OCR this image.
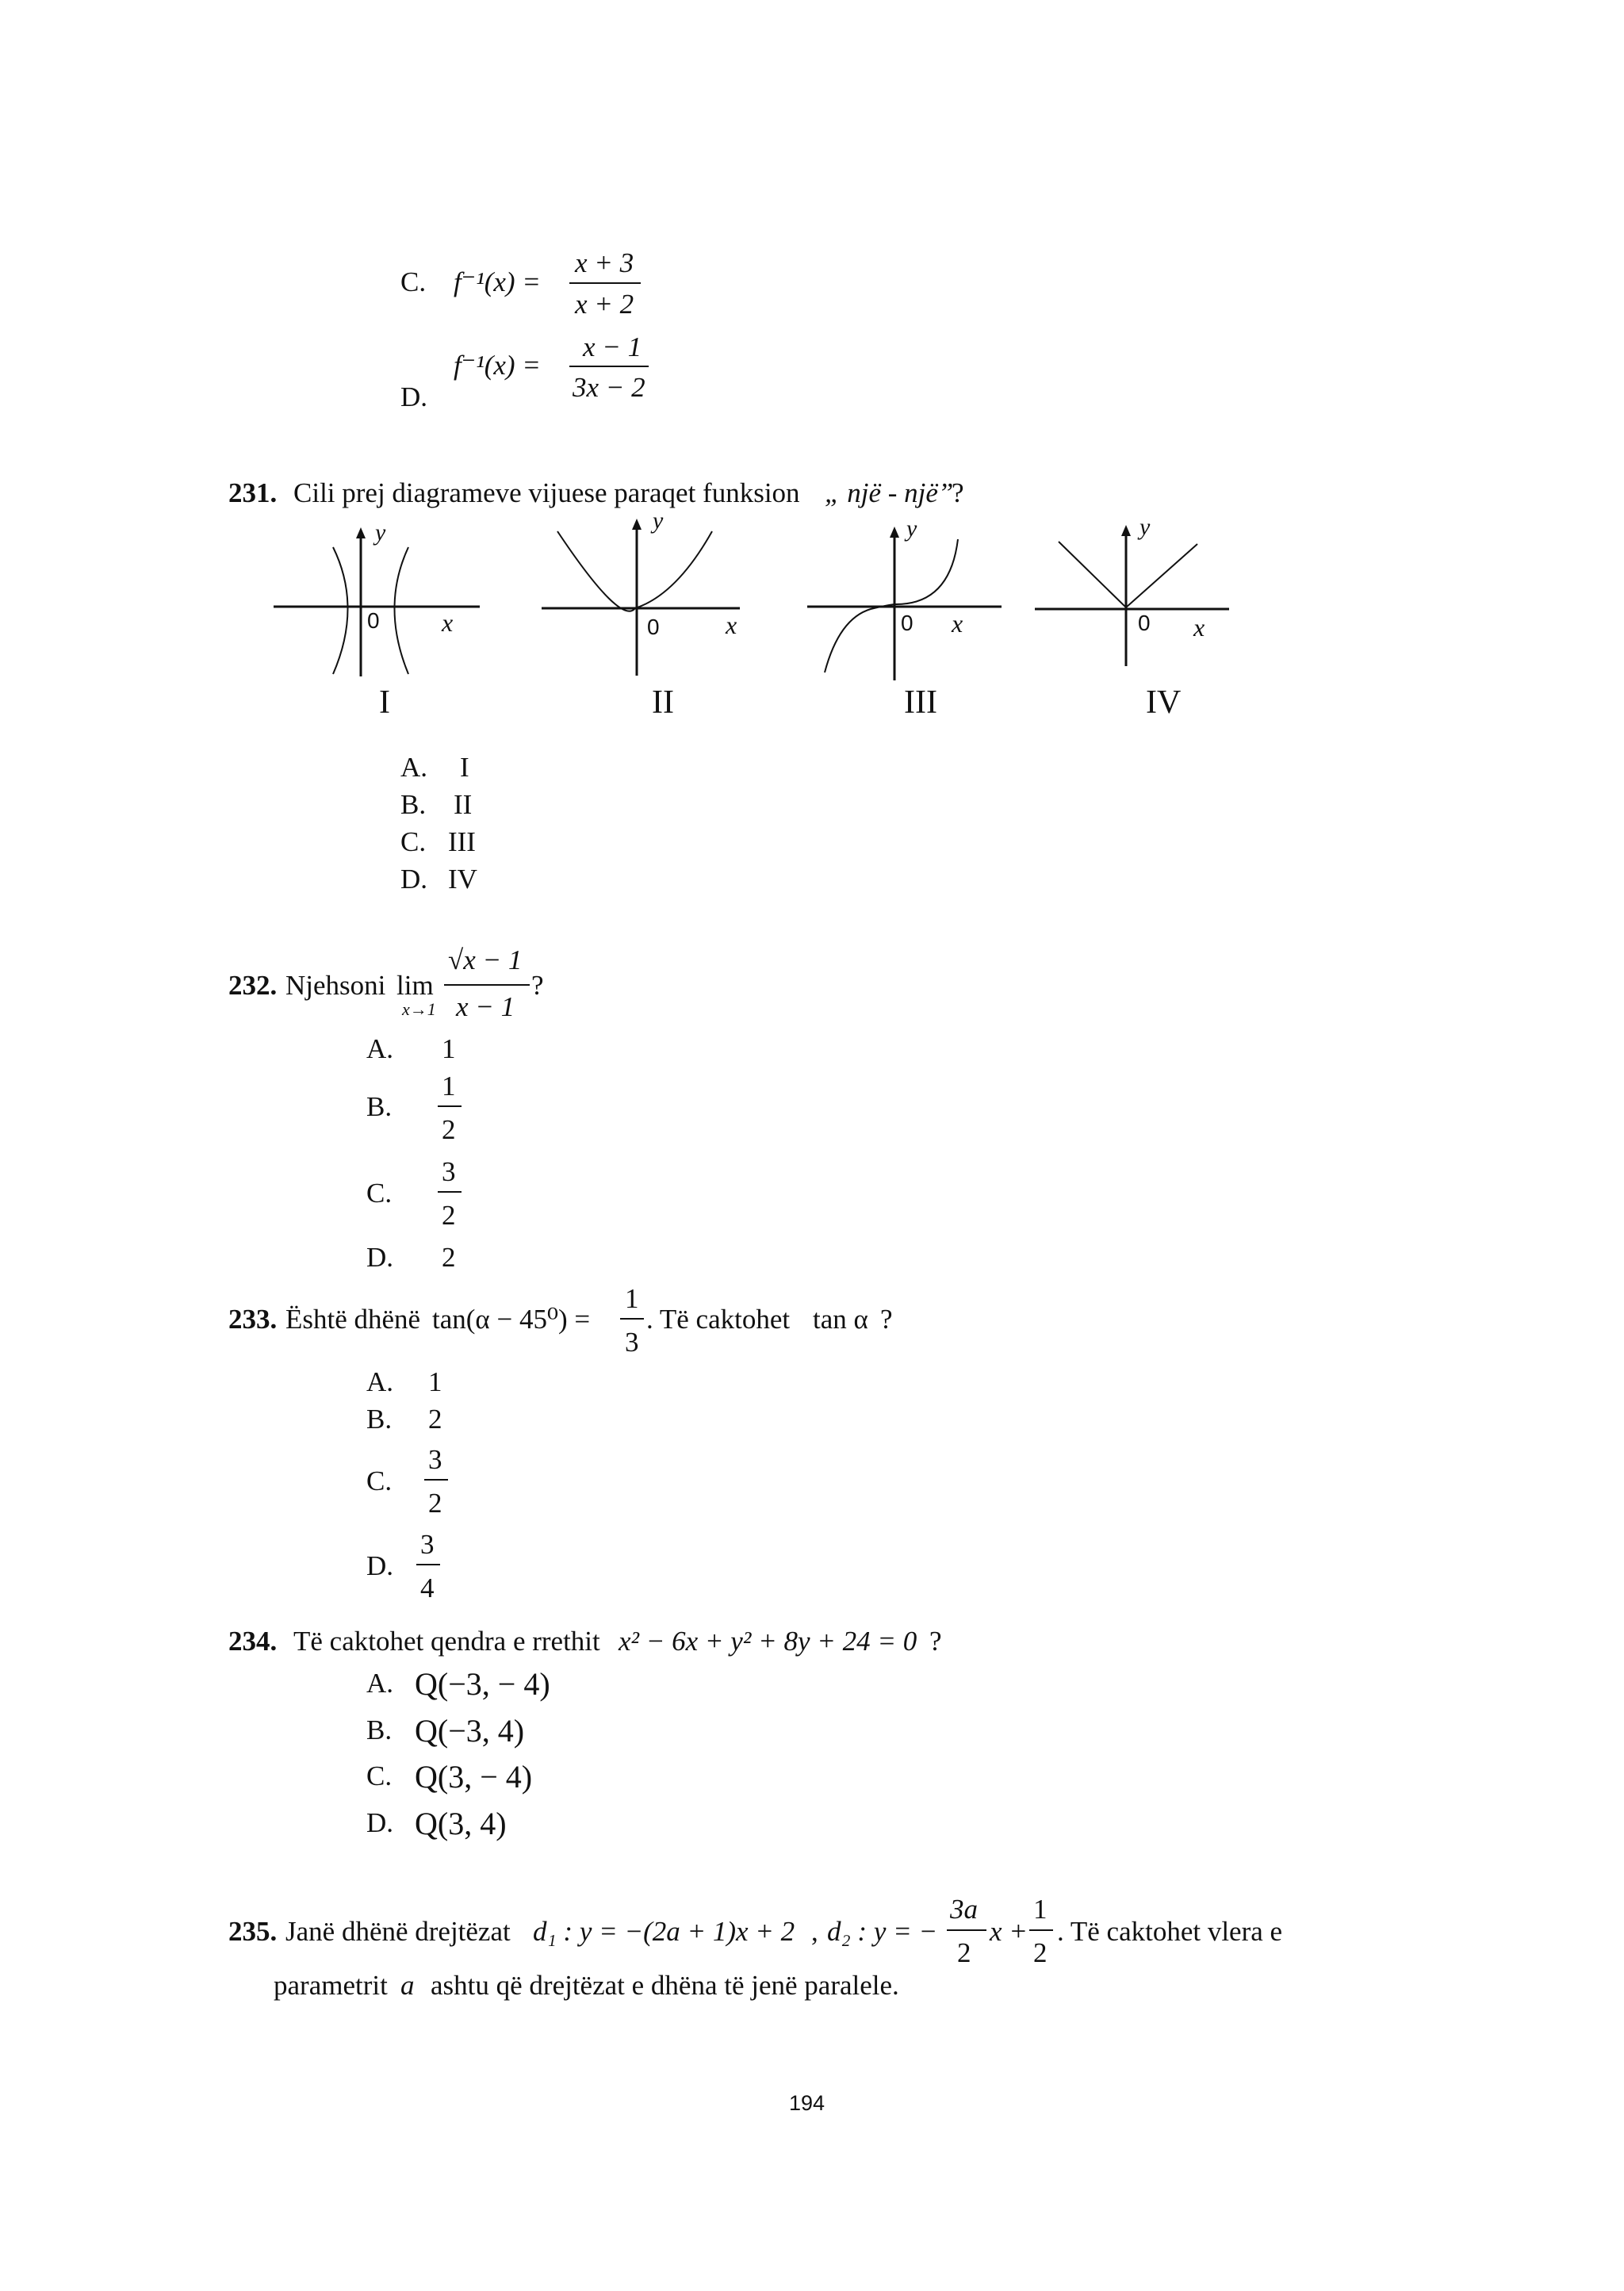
C. f⁻¹(x) =
x + 3
x + 2
D.
f⁻¹(x) =
x − 1
3x − 2
231. Cili prej diagrameve vijuese paraqet funksion „ një - një”
?
y
x
0
I
y
x
0
II
y
x
0
III
y
x
0
IV
A. I
B. II
C. III
D. IV
232. Njehsoni lim
x→1
√x − 1
x − 1
?
A. 1
B.
1
2
C.
3
2
D. 2
233. Është dhënë tan(α − 45⁰) =
1
3
. Të caktohet tan α ?
A. 1
B. 2
C.
3
2
D.
3
4
234. Të caktohet qendra e rrethit x² − 6x + y² + 8y + 24 = 0 ?
A. Q(−3, − 4)
B. Q(−3, 4)
C. Q(3, − 4)
D. Q(3, 4)
235. Janë dhënë drejtëzat d₁ : y = −(2a + 1)x + 2 , d₂ : y = −
3a
2
x +
1
2
. Të caktohet vlera e
parametrit a ashtu që drejtëzat e dhëna të jenë paralele.
194
